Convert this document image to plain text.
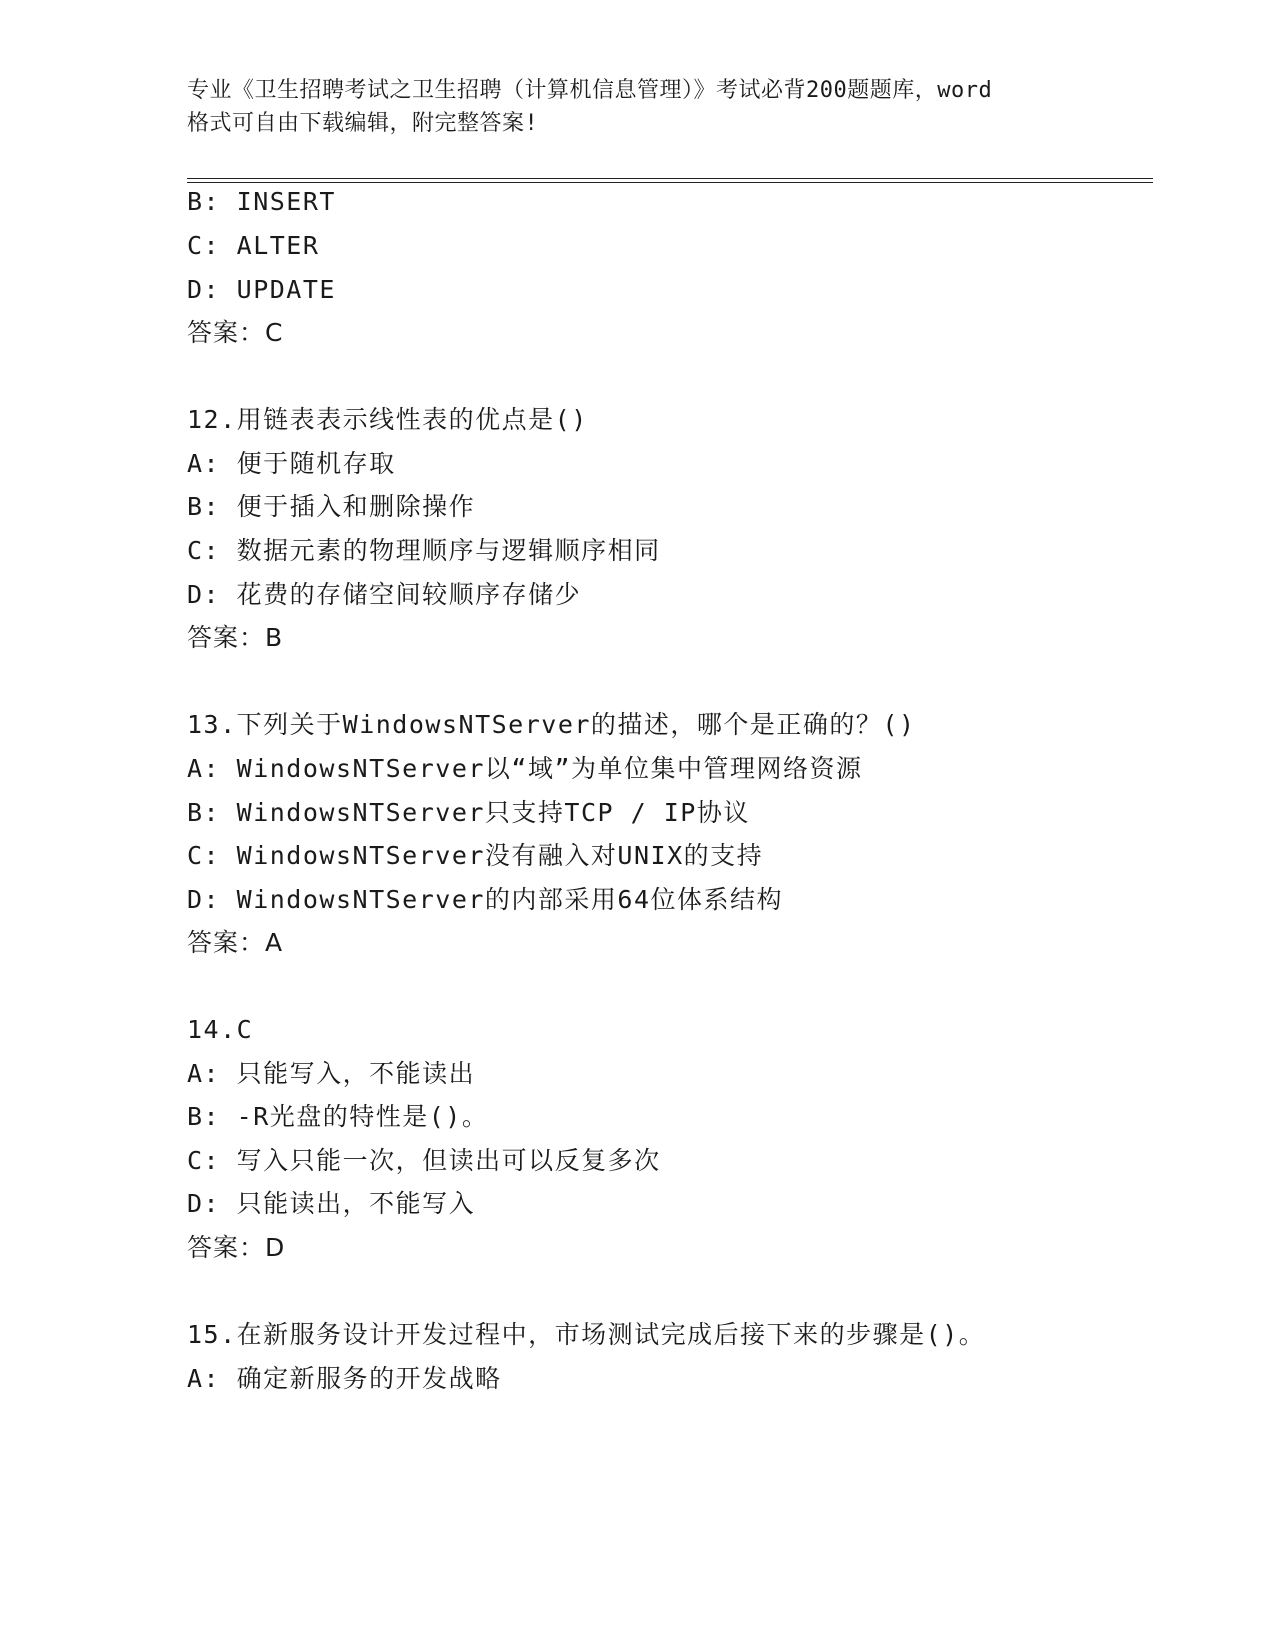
专业《卫生招聘考试之卫生招聘（计算机信息管理）》考试必背200题题库，word
格式可自由下载编辑，附完整答案!
B: INSERT
C: ALTER
D: UPDATE
答案：C
12.用链表表示线性表的优点是()
A: 便于随机存取
B: 便于插入和删除操作
C: 数据元素的物理顺序与逻辑顺序相同
D: 花费的存储空间较顺序存储少
答案：B
13.下列关于WindowsNTServer的描述，哪个是正确的？()
A: WindowsNTServer以“域”为单位集中管理网络资源
B: WindowsNTServer只支持TCP / IP协议
C: WindowsNTServer没有融入对UNIX的支持
D: WindowsNTServer的内部采用64位体系结构
答案：A
14.C
A: 只能写入，不能读出
B: -R光盘的特性是()。
C: 写入只能一次，但读出可以反复多次
D: 只能读出，不能写入
答案：D
15.在新服务设计开发过程中，市场测试完成后接下来的步骤是()。
A: 确定新服务的开发战略
